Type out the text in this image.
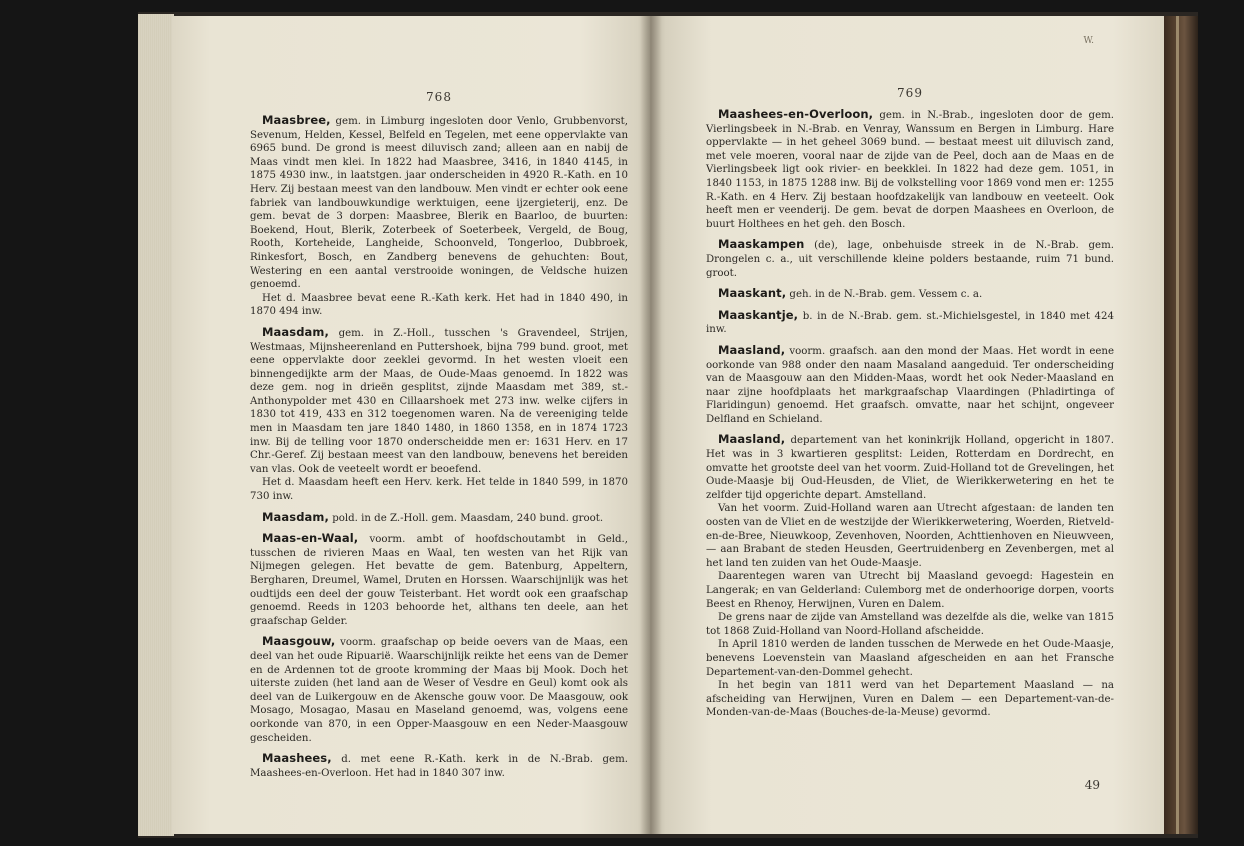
768

Maasbree, gem. in Limburg ingesloten door Venlo, Grubbenvorst, Sevenum, Helden, Kessel, Belfeld en Tegelen, met eene oppervlakte van 6965 bund. De grond is meest diluvisch zand; alleen aan en nabij de Maas vindt men klei. In 1822 had Maasbree, 3416, in 1840 4145, in 1875 4930 inw., in laatstgen. jaar onderscheiden in 4920 R.-Kath. en 10 Herv. Zij bestaan meest van den landbouw. Men vindt er echter ook eene fabriek van landbouwkundige werktuigen, eene ijzergieterij, enz. De gem. bevat de 3 dorpen: Maasbree, Blerik en Baarloo, de buurten: Boekend, Hout, Blerik, Zoterbeek of Soeterbeek, Vergeld, de Boug, Rooth, Korteheide, Langheide, Schoonveld, Tongerloo, Dubbroek, Rinkesfort, Bosch, en Zandberg benevens de gehuchten: Bout, Westering en een aantal verstrooide woningen, de Veldsche huizen genoemd.

Het d. Maasbree bevat eene R.-Kath kerk. Het had in 1840 490, in 1870 494 inw.

Maasdam, gem. in Z.-Holl., tusschen 's Gravendeel, Strijen, Westmaas, Mijnsheerenland en Puttershoek, bijna 799 bund. groot, met eene oppervlakte door zeeklei gevormd. In het westen vloeit een binnengedijkte arm der Maas, de Oude-Maas genoemd. In 1822 was deze gem. nog in drieën gesplitst, zijnde Maasdam met 389, st.-Anthonypolder met 430 en Cillaarshoek met 273 inw. welke cijfers in 1830 tot 419, 433 en 312 toegenomen waren. Na de vereeniging telde men in Maasdam ten jare 1840 1480, in 1860 1358, en in 1874 1723 inw. Bij de telling voor 1870 onderscheidde men er: 1631 Herv. en 17 Chr.-Geref. Zij bestaan meest van den landbouw, benevens het bereiden van vlas. Ook de veeteelt wordt er beoefend.

Het d. Maasdam heeft een Herv. kerk. Het telde in 1840 599, in 1870 730 inw.

Maasdam, pold. in de Z.-Holl. gem. Maasdam, 240 bund. groot.

Maas-en-Waal, voorm. ambt of hoofdschoutambt in Geld., tusschen de rivieren Maas en Waal, ten westen van het Rijk van Nijmegen gelegen. Het bevatte de gem. Batenburg, Appeltern, Bergharen, Dreumel, Wamel, Druten en Horssen. Waarschijnlijk was het oudtijds een deel der gouw Teisterbant. Het wordt ook een graafschap genoemd. Reeds in 1203 behoorde het, althans ten deele, aan het graafschap Gelder.

Maasgouw, voorm. graafschap op beide oevers van de Maas, een deel van het oude Ripuarië. Waarschijnlijk reikte het eens van de Demer en de Ardennen tot de groote kromming der Maas bij Mook. Doch het uiterste zuiden (het land aan de Weser of Vesdre en Geul) komt ook als deel van de Luikergouw en de Akensche gouw voor. De Maasgouw, ook Mosago, Mosagao, Masau en Maseland genoemd, was, volgens eene oorkonde van 870, in een Opper-Maasgouw en een Neder-Maasgouw gescheiden.

Maashees, d. met eene R.-Kath. kerk in de N.-Brab. gem. Maashees-en-Overloon. Het had in 1840 307 inw.

W.
769

Maashees-en-Overloon, gem. in N.-Brab., ingesloten door de gem. Vierlingsbeek in N.-Brab. en Venray, Wanssum en Bergen in Limburg. Hare oppervlakte — in het geheel 3069 bund. — bestaat meest uit diluvisch zand, met vele moeren, vooral naar de zijde van de Peel, doch aan de Maas en de Vierlingsbeek ligt ook rivier- en beekklei. In 1822 had deze gem. 1051, in 1840 1153, in 1875 1288 inw. Bij de volkstelling voor 1869 vond men er: 1255 R.-Kath. en 4 Herv. Zij bestaan hoofdzakelijk van landbouw en veeteelt. Ook heeft men er veenderij. De gem. bevat de dorpen Maashees en Overloon, de buurt Holthees en het geh. den Bosch.

Maaskampen (de), lage, onbehuisde streek in de N.-Brab. gem. Drongelen c. a., uit verschillende kleine polders bestaande, ruim 71 bund. groot.

Maaskant, geh. in de N.-Brab. gem. Vessem c. a.

Maaskantje, b. in de N.-Brab. gem. st.-Michielsgestel, in 1840 met 424 inw.

Maasland, voorm. graafsch. aan den mond der Maas. Het wordt in eene oorkonde van 988 onder den naam Masaland aangeduid. Ter onderscheiding van de Maasgouw aan den Midden-Maas, wordt het ook Neder-Maasland en naar zijne hoofdplaats het markgraafschap Vlaardingen (Phladirtinga of Flaridingun) genoemd. Het graafsch. omvatte, naar het schijnt, ongeveer Delfland en Schieland.

Maasland, departement van het koninkrijk Holland, opgericht in 1807. Het was in 3 kwartieren gesplitst: Leiden, Rotterdam en Dordrecht, en omvatte het grootste deel van het voorm. Zuid-Holland tot de Grevelingen, het Oude-Maasje bij Oud-Heusden, de Vliet, de Wierikkerwetering en het te zelfder tijd opgerichte depart. Amstelland.

Van het voorm. Zuid-Holland waren aan Utrecht afgestaan: de landen ten oosten van de Vliet en de westzijde der Wierikkerwetering, Woerden, Rietveld-en-de-Bree, Nieuwkoop, Zevenhoven, Noorden, Achttienhoven en Nieuwveen, — aan Brabant de steden Heusden, Geertruidenberg en Zevenbergen, met al het land ten zuiden van het Oude-Maasje.

Daarentegen waren van Utrecht bij Maasland gevoegd: Hagestein en Langerak; en van Gelderland: Culemborg met de onderhoorige dorpen, voorts Beest en Rhenoy, Herwijnen, Vuren en Dalem.

De grens naar de zijde van Amstelland was dezelfde als die, welke van 1815 tot 1868 Zuid-Holland van Noord-Holland afscheidde.

In April 1810 werden de landen tusschen de Merwede en het Oude-Maasje, benevens Loevenstein van Maasland afgescheiden en aan het Fransche Departement-van-den-Dommel gehecht.

In het begin van 1811 werd van het Departement Maasland — na afscheiding van Herwijnen, Vuren en Dalem — een Departement-van-de-Monden-van-de-Maas (Bouches-de-la-Meuse) gevormd.

49
